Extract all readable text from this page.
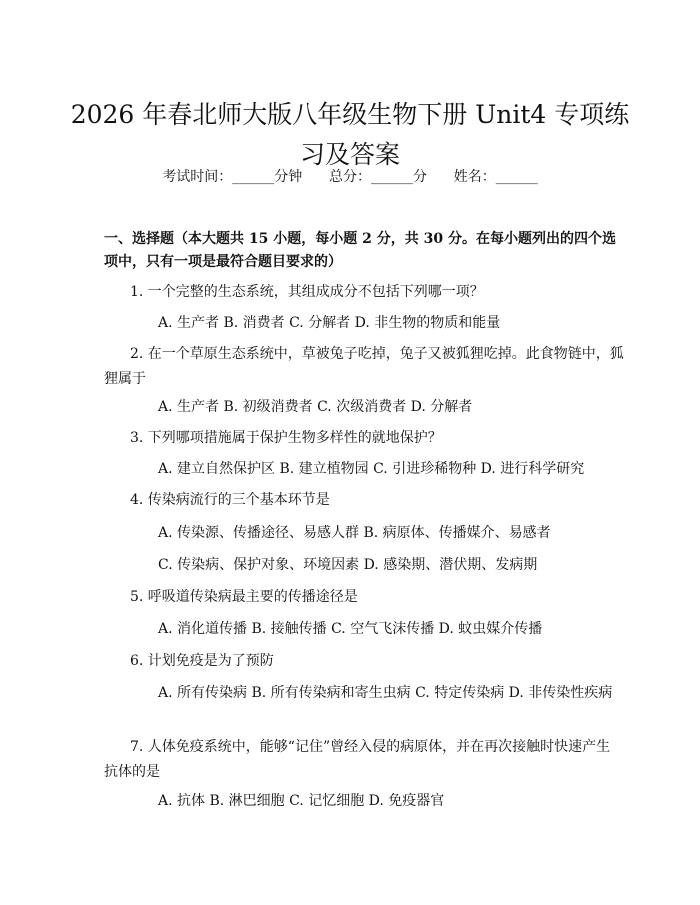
2026 年春北师大版八年级生物下册 Unit4 专项练习及答案
考试时间：______分钟      总分：______分      姓名：______
一、选择题（本大题共 15 小题，每小题 2 分，共 30 分。在每小题列出的四个选项中，只有一项是最符合题目要求的）
1. 一个完整的生态系统，其组成成分不包括下列哪一项？
A. 生产者 B. 消费者 C. 分解者 D. 非生物的物质和能量
2. 在一个草原生态系统中，草被兔子吃掉，兔子又被狐狸吃掉。此食物链中，狐狸属于
A. 生产者 B. 初级消费者 C. 次级消费者 D. 分解者
3. 下列哪项措施属于保护生物多样性的就地保护？
A. 建立自然保护区 B. 建立植物园 C. 引进珍稀物种 D. 进行科学研究
4. 传染病流行的三个基本环节是
A. 传染源、传播途径、易感人群 B. 病原体、传播媒介、易感者
C. 传染病、保护对象、环境因素 D. 感染期、潜伏期、发病期
5. 呼吸道传染病最主要的传播途径是
A. 消化道传播 B. 接触传播 C. 空气飞沫传播 D. 蚊虫媒介传播
6. 计划免疫是为了预防
A. 所有传染病 B. 所有传染病和寄生虫病 C. 特定传染病 D. 非传染性疾病
7. 人体免疫系统中，能够“记住”曾经入侵的病原体，并在再次接触时快速产生抗体的是
A. 抗体 B. 淋巴细胞 C. 记忆细胞 D. 免疫器官
